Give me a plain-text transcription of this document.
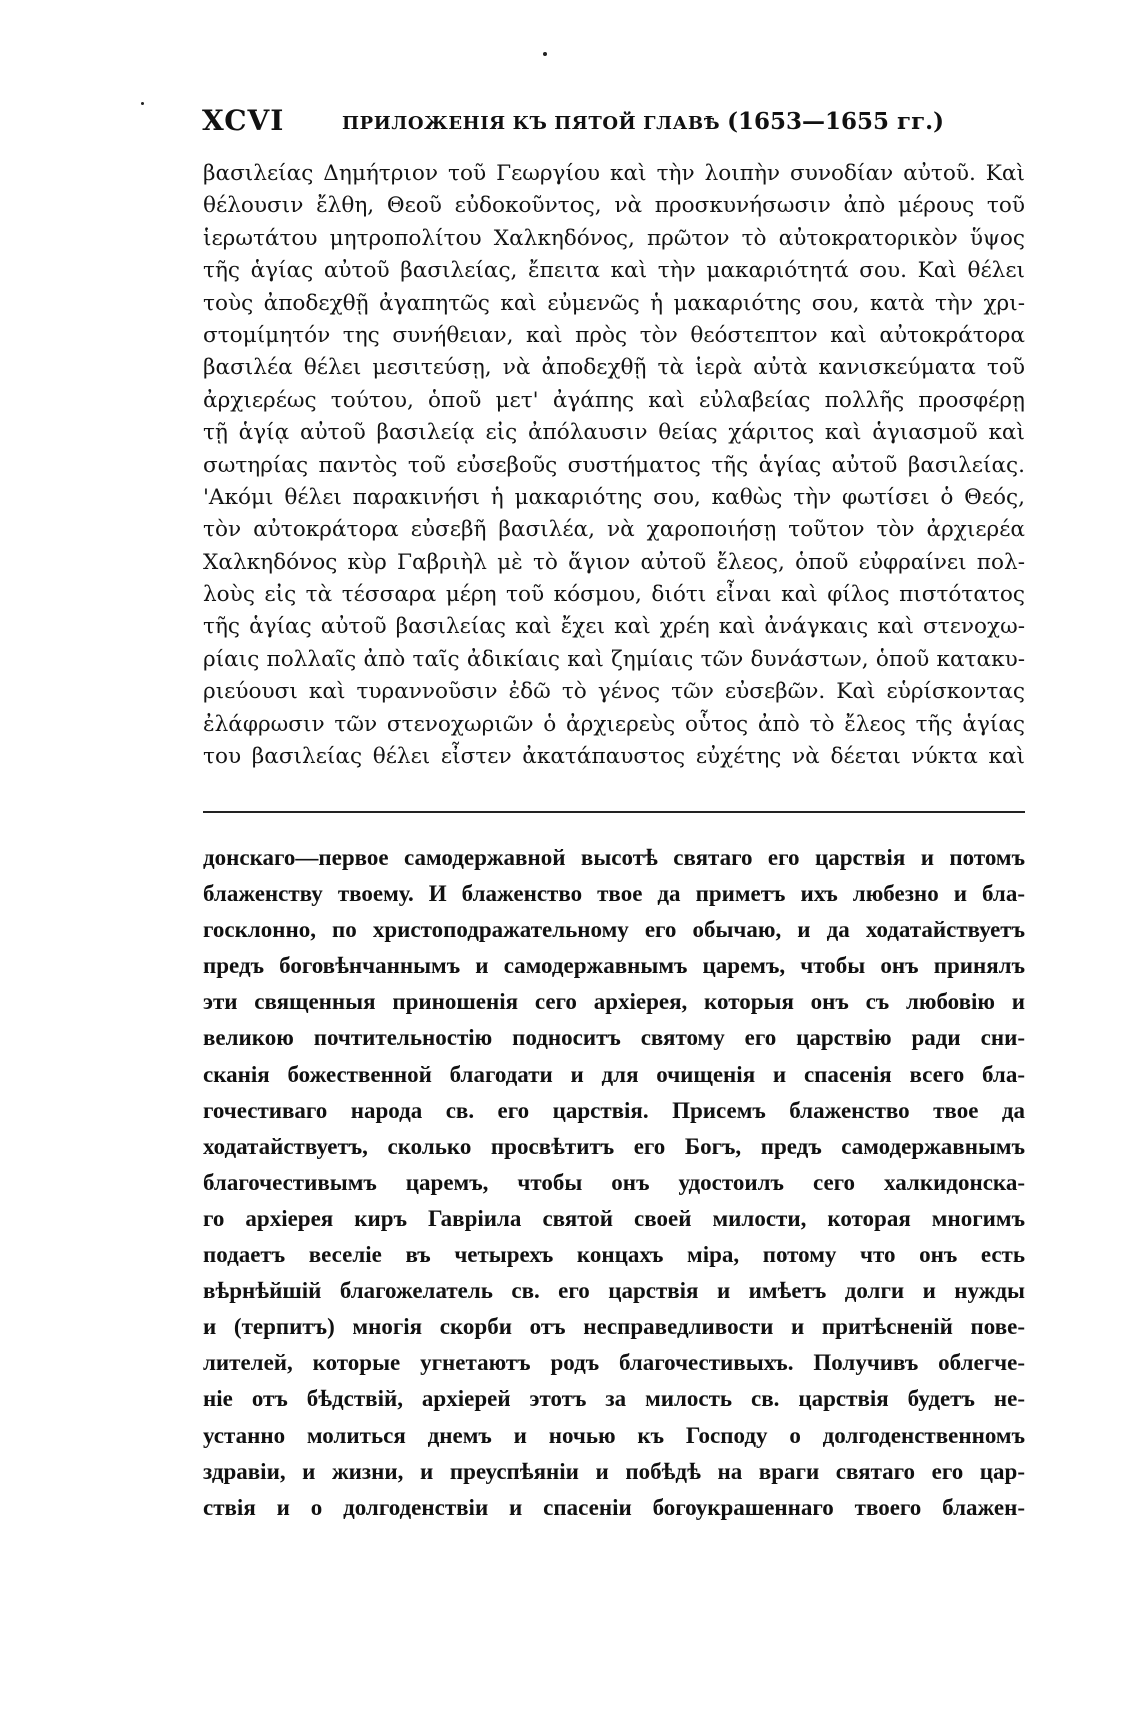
XCVI	ПРИЛОЖЕНІЯ КЪ ПЯТОЙ ГЛАВѢ (1653—1655 гг.)
βασιλείας Δημήτριον τοῦ Γεωργίου καὶ τὴν λοιπὴν συνοδίαν αὐτοῦ. Καὶ
θέλουσιν ἔλθη, Θεοῦ εὐδοκοῦντος, νὰ προσκυνήσωσιν ἀπὸ μέρους τοῦ
ἱερωτάτου μητροπολίτου Χαλκηδόνος, πρῶτον τὸ αὐτοκρατορικὸν ὕψος
τῆς ἁγίας αὐτοῦ βασιλείας, ἔπειτα καὶ τὴν μακαριότητά σου. Καὶ θέλει
τοὺς ἀποδεχθῇ ἀγαπητῶς καὶ εὐμενῶς ἡ μακαριότης σου, κατὰ τὴν χρι-
στομίμητόν της συνήθειαν, καὶ πρὸς τὸν θεόστεπτον καὶ αὐτοκράτορα
βασιλέα θέλει μεσιτεύσῃ, νὰ ἀποδεχθῇ τὰ ἱερὰ αὐτὰ κανισκεύματα τοῦ
ἀρχιερέως τούτου, ὁποῦ μετ' ἀγάπης καὶ εὐλαβείας πολλῆς προσφέρῃ
τῇ ἁγίᾳ αὐτοῦ βασιλείᾳ εἰς ἀπόλαυσιν θείας χάριτος καὶ ἁγιασμοῦ καὶ
σωτηρίας παντὸς τοῦ εὐσεβοῦς συστήματος τῆς ἁγίας αὐτοῦ βασιλείας.
'Ακόμι θέλει παρακινήσι ἡ μακαριότης σου, καθὼς τὴν φωτίσει ὁ Θεός,
τὸν αὐτοκράτορα εὐσεβῆ βασιλέα, νὰ χαροποιήσῃ τοῦτον τὸν ἀρχιερέα
Χαλκηδόνος κὺρ Γαβριὴλ μὲ τὸ ἅγιον αὐτοῦ ἔλεος, ὁποῦ εὐφραίνει πολ-
λοὺς εἰς τὰ τέσσαρα μέρη τοῦ κόσμου, διότι εἶναι καὶ φίλος πιστότατος
τῆς ἁγίας αὐτοῦ βασιλείας καὶ ἔχει καὶ χρέη καὶ ἀνάγκαις καὶ στενοχω-
ρίαις πολλαῖς ἀπὸ ταῖς ἀδικίαις καὶ ζημίαις τῶν δυνάστων, ὁποῦ κατακυ-
ριεύουσι καὶ τυραννοῦσιν ἐδῶ τὸ γένος τῶν εὐσεβῶν. Καὶ εὑρίσκοντας
ἐλάφρωσιν τῶν στενοχωριῶν ὁ ἀρχιερεὺς οὗτος ἀπὸ τὸ ἔλεος τῆς ἁγίας
του βασιλείας θέλει εἶστεν ἀκατάπαυστος εὐχέτης νὰ δέεται νύκτα καὶ
донскаго—первое самодержавной высотѣ святаго его царствія и потомъ
блаженству твоему. И блаженство твое да приметъ ихъ любезно и бла-
госклонно, по христоподражательному его обычаю, и да ходатайствуетъ
предъ боговѣнчаннымъ и самодержавнымъ царемъ, чтобы онъ принялъ
эти священныя приношенія сего архіерея, которыя онъ съ любовію и
великою почтительностію подноситъ святому его царствію ради сни-
сканія божественной благодати и для очищенія и спасенія всего бла-
гочестиваго народа св. его царствія. Присемъ блаженство твое да
ходатайствуетъ, сколько просвѣтитъ его Богъ, предъ самодержавнымъ
благочестивымъ царемъ, чтобы онъ удостоилъ сего халкидонска-
го архіерея киръ Гавріила святой своей милости, которая многимъ
подаетъ веселіе въ четырехъ концахъ міра, потому что онъ есть
вѣрнѣйшій благожелатель св. его царствія и имѣетъ долги и нужды
и (терпитъ) многія скорби отъ несправедливости и притѣсненій пове-
лителей, которые угнетаютъ родъ благочестивыхъ. Получивъ облегче-
ніе отъ бѣдствій, архіерей этотъ за милость св. царствія будетъ не-
устанно молиться днемъ и ночью къ Господу о долгоденственномъ
здравіи, и жизни, и преуспѣяніи и побѣдѣ на враги святаго его цар-
ствія и о долгоденствіи и спасеніи богоукрашеннаго твоего блажен-
